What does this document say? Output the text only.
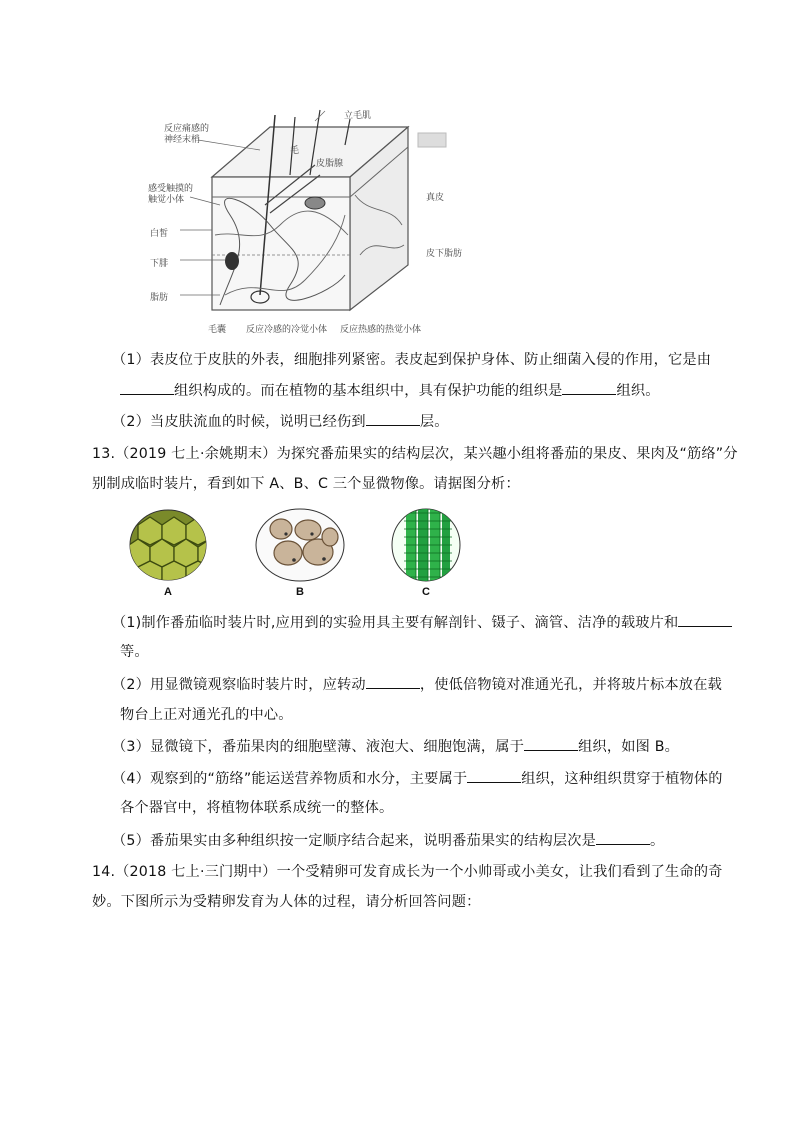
反应痛感的
神经末梢
立毛肌
毛
皮脂腺
感受触摸的
触觉小体
白皙
下腓
脂肪
毛囊 反应冷感的冷觉小体 反应热感的热觉小体
真皮
皮下脂肪
（1）表皮位于皮肤的外表，细胞排列紧密。表皮起到保护身体、防止细菌入侵的作用，它是由
组织构成的。而在植物的基本组织中，具有保护功能的组织是	组织。
（2）当皮肤流血的时候，说明已经伤到	层。
13.（2019 七上·余姚期末）为探究番茄果实的结构层次，某兴趣小组将番茄的果皮、果肉及“筋络”分
别制成临时装片，看到如下 A、B、C 三个显微物像。请据图分析：
A	B	C
（1)制作番茄临时装片时,应用到的实验用具主要有解剖针、镊子、滴管、洁净的载玻片和
等。
（2）用显微镜观察临时装片时，应转动	，使低倍物镜对准通光孔，并将玻片标本放在载
物台上正对通光孔的中心。
（3）显微镜下，番茄果肉的细胞壁薄、液泡大、细胞饱满，属于	组织，如图 B。
（4）观察到的“筋络”能运送营养物质和水分，主要属于	组织，这种组织贯穿于植物体的
各个器官中，将植物体联系成统一的整体。
（5）番茄果实由多种组织按一定顺序结合起来，说明番茄果实的结构层次是	。
14.（2018 七上·三门期中）一个受精卵可发育成长为一个小帅哥或小美女，让我们看到了生命的奇
妙。下图所示为受精卵发育为人体的过程，请分析回答问题：
